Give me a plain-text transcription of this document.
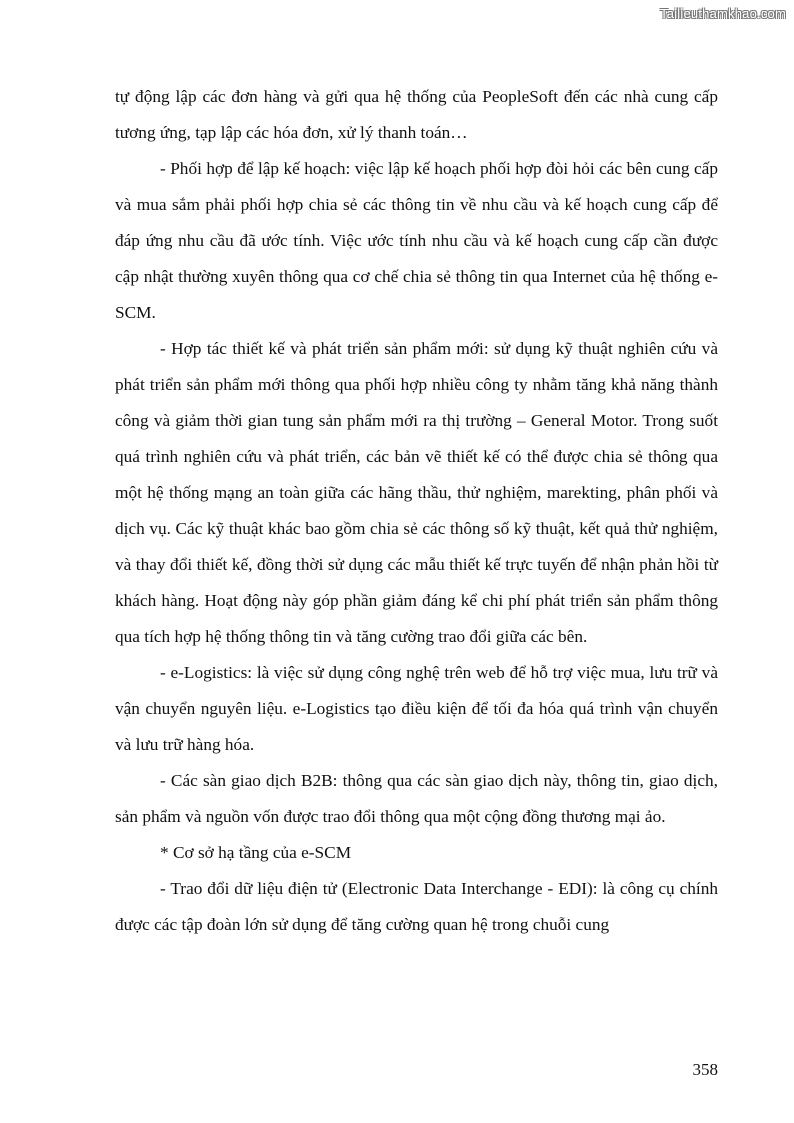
Tailieuthamkhao.com

tự động lập các đơn hàng và gửi qua hệ thống của PeopleSoft đến các nhà cung cấp tương ứng, tạp lập các hóa đơn, xử lý thanh toán…

- Phối hợp để lập kế hoạch: việc lập kế hoạch phối hợp đòi hỏi các bên cung cấp và mua sắm phải phối hợp chia sẻ các thông tin về nhu cầu và kế hoạch cung cấp để đáp ứng nhu cầu đã ước tính. Việc ước tính nhu cầu và kế hoạch cung cấp cần được cập nhật thường xuyên thông qua cơ chế chia sẻ thông tin qua Internet của hệ thống e-SCM.

- Hợp tác thiết kế và phát triển sản phẩm mới: sử dụng kỹ thuật nghiên cứu và phát triển sản phẩm mới thông qua phối hợp nhiều công ty nhằm tăng khả năng thành công và giảm thời gian tung sản phẩm mới ra thị trường – General Motor. Trong suốt quá trình nghiên cứu và phát triển, các bản vẽ thiết kế có thể được chia sẻ thông qua một hệ thống mạng an toàn giữa các hãng thầu, thử nghiệm, marekting, phân phối và dịch vụ. Các kỹ thuật khác bao gồm chia sẻ các thông số kỹ thuật, kết quả thử nghiệm, và thay đổi thiết kế, đồng thời sử dụng các mẫu thiết kế trực tuyến để nhận phản hồi từ khách hàng. Hoạt động này góp phần giảm đáng kể chi phí phát triển sản phẩm thông qua tích hợp hệ thống thông tin và tăng cường trao đổi giữa các bên.

- e-Logistics: là việc sử dụng công nghệ trên web để hỗ trợ việc mua, lưu trữ và vận chuyển nguyên liệu. e-Logistics tạo điều kiện để tối đa hóa quá trình vận chuyển và lưu trữ hàng hóa.

- Các sàn giao dịch B2B: thông qua các sàn giao dịch này, thông tin, giao dịch, sản phẩm và nguồn vốn được trao đổi thông qua một cộng đồng thương mại ảo.

* Cơ sở hạ tầng của e-SCM

- Trao đổi dữ liệu điện tử (Electronic Data Interchange - EDI): là công cụ chính được các tập đoàn lớn sử dụng để tăng cường quan hệ trong chuỗi cung

358
